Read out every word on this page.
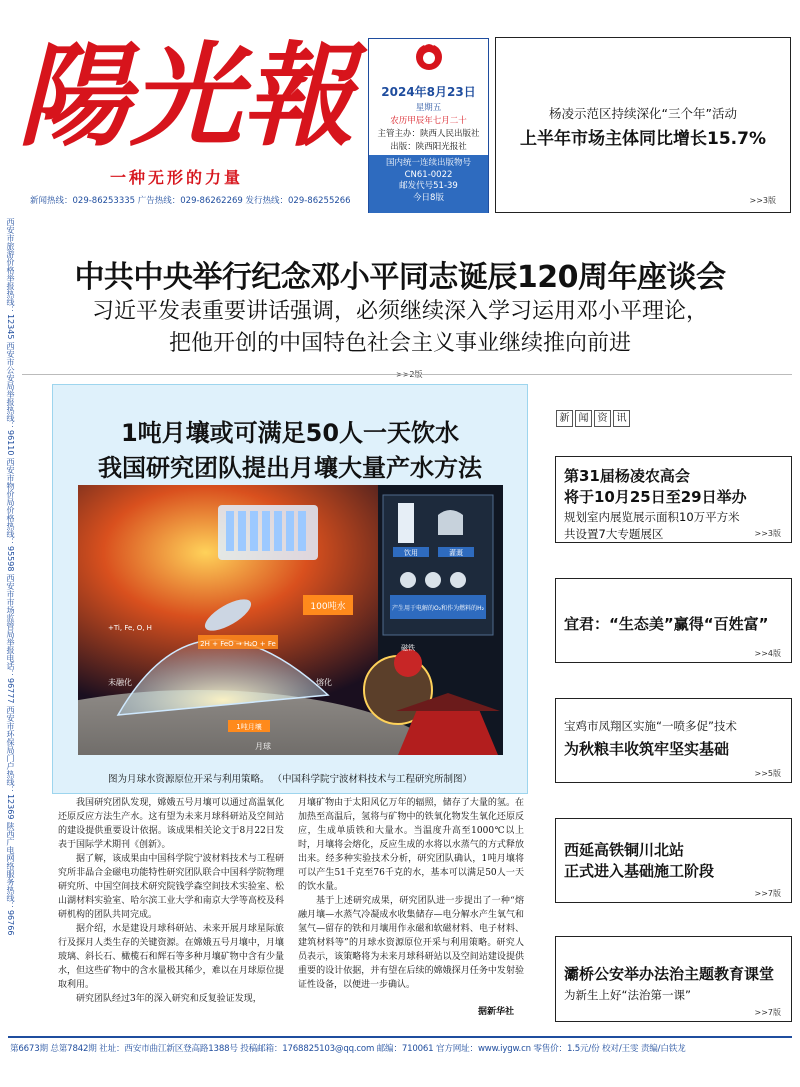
陽 光 報
一种无形的力量
新闻热线：029-86253335 广告热线：029-86262269 发行热线：029-86255266
2024年8月23日
星期五
农历甲辰年七月二十
主管主办：陕西人民出版社
出版：陕西阳光报社
国内统一连续出版物号
CN61-0022
邮发代号51-39
今日8版
杨凌示范区持续深化“三个年”活动
上半年市场主体同比增长15.7%
>>3版
西安市旅游价格举报热线：12345 西安市公安局举报热线：96110 西安市物价局价格热线：95598 西安市市场监管局举报电话：96777 西安市环保局门户热线：12369 陕西广电网络服务热线：96766	中共中央举行纪念邓小平同志诞辰120周年座谈会
习近平发表重要讲话强调，必须继续深入学习运用邓小平理论，
把他开创的中国特色社会主义事业继续推向前进
1吨月壤或可满足50人一天饮水
我国研究团队提出月壤大量产水方法
100吨水
2H + FeO → H₂O + Fe
+Ti, Fe, O, H
未融化	熔化
1吨月壤
月球
饮用	灌溉
产生用于电解的O₂和作为燃料的H₂
磁铁
图为月球水资源原位开采与利用策略。 （中国科学院宁波材料技术与工程研究所制图）

我国研究团队发现，嫦娥五号月壤可以通过高温氧化还原反应方法生产水。这有望为未来月球科研站及空间站的建设提供重要设计依据。该成果相关论文于8月22日发表于国际学术期刊《创新》。

据了解，该成果由中国科学院宁波材料技术与工程研究所非晶合金磁电功能特性研究团队联合中国科学院物理研究所、中国空间技术研究院钱学森空间技术实验室、松山湖材料实验室、哈尔滨工业大学和南京大学等高校及科研机构的团队共同完成。

据介绍，水是建设月球科研站、未来开展月球星际旅行及探月人类生存的关键资源。在嫦娥五号月壤中，月壤玻璃、斜长石、橄榄石和辉石等多种月壤矿物中含有少量水，但这些矿物中的含水量极其稀少，难以在月球原位提取利用。

研究团队经过3年的深入研究和反复验证发现，

月壤矿物由于太阳风亿万年的辐照，储存了大量的氢。在加热至高温后，氢将与矿物中的铁氧化物发生氧化还原反应，生成单质铁和大量水。当温度升高至1000℃以上时，月壤将会熔化，反应生成的水将以水蒸气的方式释放出来。经多种实验技术分析，研究团队确认，1吨月壤将可以产生51千克至76千克的水，基本可以满足50人一天的饮水量。

基于上述研究成果，研究团队进一步提出了一种“熔融月壤—水蒸气冷凝成水收集储存—电分解水产生氧气和氢气—留存的铁和月壤用作永磁和软磁材料、电子材料、建筑材料等”的月球水资源原位开采与利用策略。研究人员表示，该策略将为未来月球科研站以及空间站建设提供重要的设计依据，并有望在后续的嫦娥探月任务中发射验证性设备，以便进一步确认。

据新华社
新 闻 资 讯
第31届杨凌农高会
将于10月25日至29日举办
规划室内展览展示面积10万平方米
共设置7大专题展区	>>3版
宜君：“生态美”赢得“百姓富”
>>4版
宝鸡市凤翔区实施“一喷多促”技术
为秋粮丰收筑牢坚实基础
>>5版
西延高铁铜川北站
正式进入基础施工阶段
>>7版
灞桥公安举办法治主题教育课堂
为新生上好“法治第一课”
>>7版
第6673期 总第7842期 社址：西安市曲江新区登高路1388号 投稿邮箱：1768825103@qq.com 邮编：710061 官方网址：www.iygw.cn 零售价：1.5元/份 校对/王雯 责编/白铁龙
